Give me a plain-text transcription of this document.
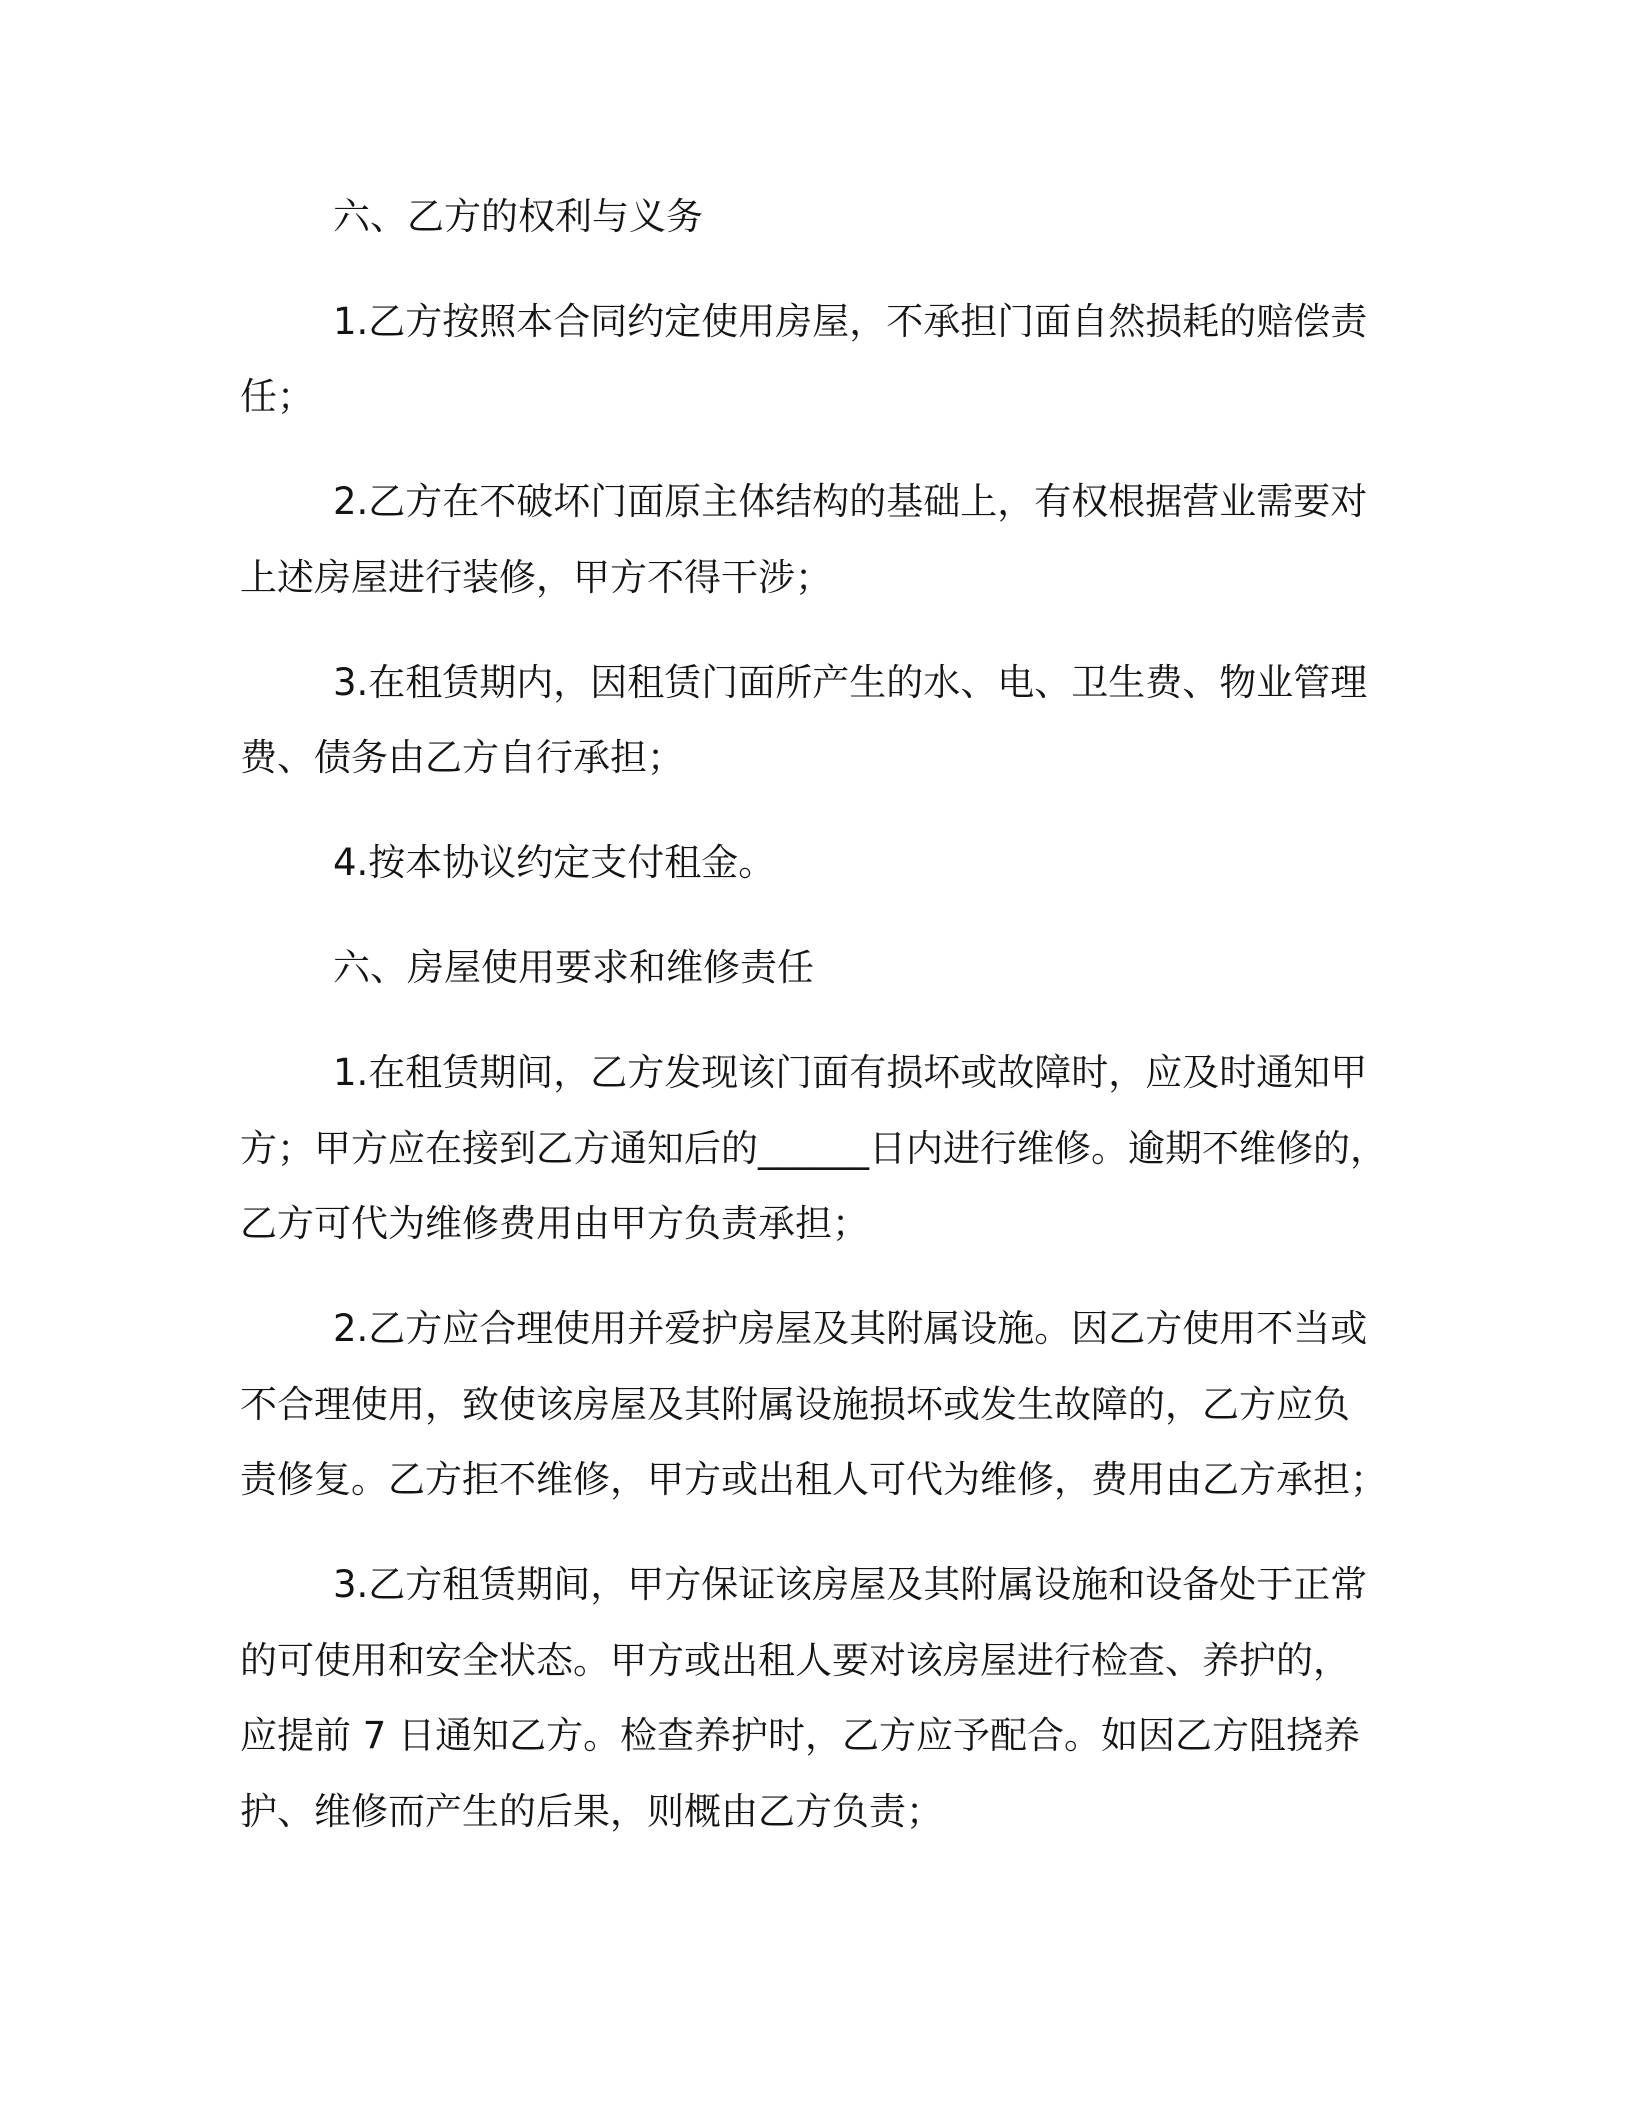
六、乙方的权利与义务
1.乙方按照本合同约定使用房屋，不承担门面自然损耗的赔偿责
任；
2.乙方在不破坏门面原主体结构的基础上，有权根据营业需要对
上述房屋进行装修，甲方不得干涉；
3.在租赁期内，因租赁门面所产生的水、电、卫生费、物业管理
费、债务由乙方自行承担；
4.按本协议约定支付租金。
六、房屋使用要求和维修责任
1.在租赁期间，乙方发现该门面有损坏或故障时，应及时通知甲
方；甲方应在接到乙方通知后的______日内进行维修。逾期不维修的，
乙方可代为维修费用由甲方负责承担；
2.乙方应合理使用并爱护房屋及其附属设施。因乙方使用不当或
不合理使用，致使该房屋及其附属设施损坏或发生故障的，乙方应负
责修复。乙方拒不维修，甲方或出租人可代为维修，费用由乙方承担；
3.乙方租赁期间，甲方保证该房屋及其附属设施和设备处于正常
的可使用和安全状态。甲方或出租人要对该房屋进行检查、养护的，
应提前 7 日通知乙方。检查养护时，乙方应予配合。如因乙方阻挠养
护、维修而产生的后果，则概由乙方负责；
